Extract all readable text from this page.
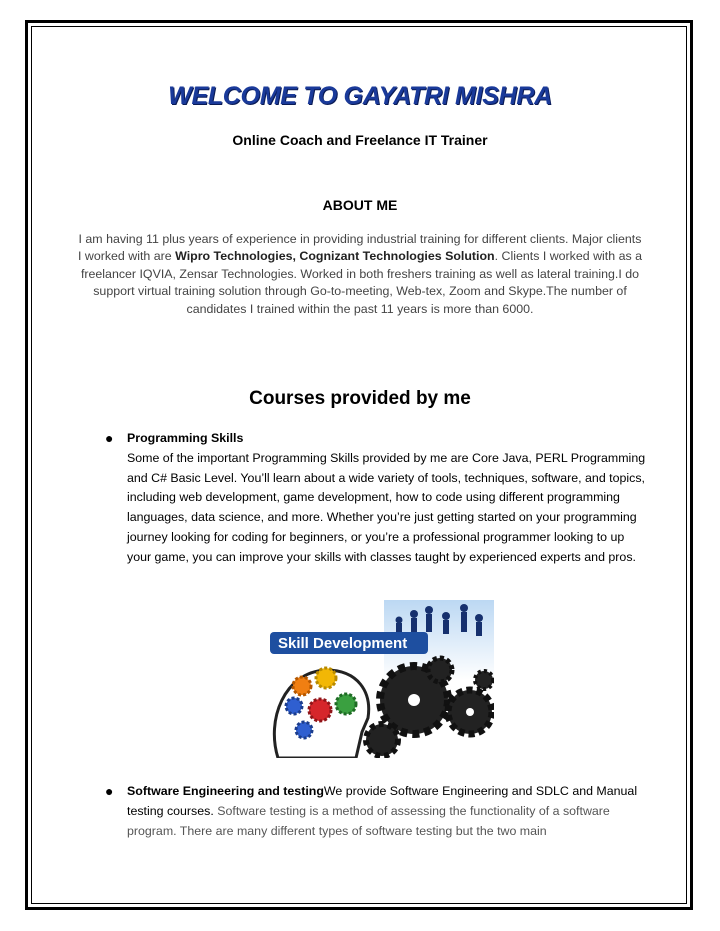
WELCOME TO GAYATRI MISHRA
Online Coach and Freelance IT Trainer
ABOUT ME
I am having 11 plus years of experience in providing industrial training for different clients. Major clients I worked with are Wipro Technologies, Cognizant Technologies Solution. Clients I worked with as a freelancer IQVIA, Zensar Technologies. Worked in both freshers training as well as lateral training.I do support virtual training solution through Go-to-meeting, Web-tex, Zoom and Skype.The number of candidates I trained within the past 11 years is more than 6000.
Courses provided by me
● Programming Skills
Some of the important Programming Skills provided by me are Core Java, PERL Programming and C# Basic Level. You’ll learn about a wide variety of tools, techniques, software, and topics, including web development, game development, how to code using different programming languages, data science, and more. Whether you’re just getting started on your programming journey looking for coding for beginners, or you’re a professional programmer looking to up your game, you can improve your skills with classes taught by experienced experts and pros.
Skill Development
● Software Engineering and testingWe provide Software Engineering and SDLC and Manual testing courses. Software testing is a method of assessing the functionality of a software program. There are many different types of software testing but the two main
